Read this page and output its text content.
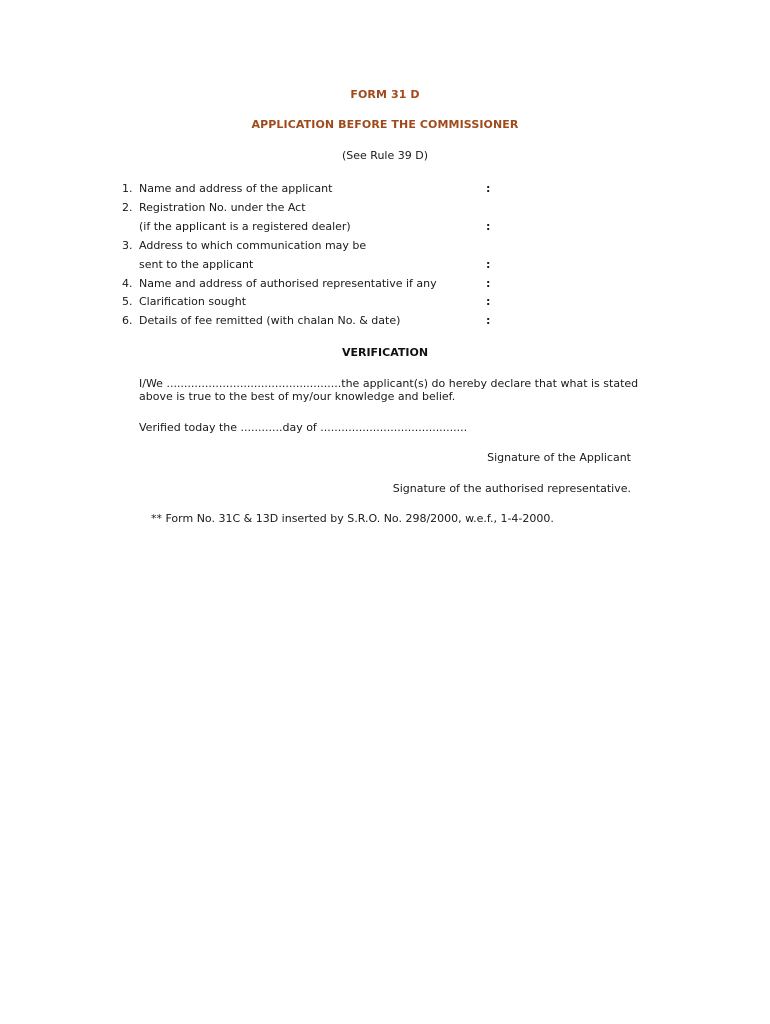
FORM 31 D
APPLICATION BEFORE THE COMMISSIONER
(See Rule 39 D)
1. Name and address of the applicant	:
2. Registration No. under the Act
(if the applicant is a registered dealer)	:
3. Address to which communication may be
sent to the applicant	:
4. Name and address of authorised representative if any	:
5. Clarification sought	:
6. Details of fee remitted (with chalan No. & date)	:
VERIFICATION
I/We ..................................................the applicant(s) do hereby declare that what is stated above is true to the best of my/our knowledge and belief.
Verified today the ............day of ..........................................
Signature of the Applicant
Signature of the authorised representative.
** Form No. 31C & 13D inserted by S.R.O. No. 298/2000, w.e.f., 1-4-2000.
